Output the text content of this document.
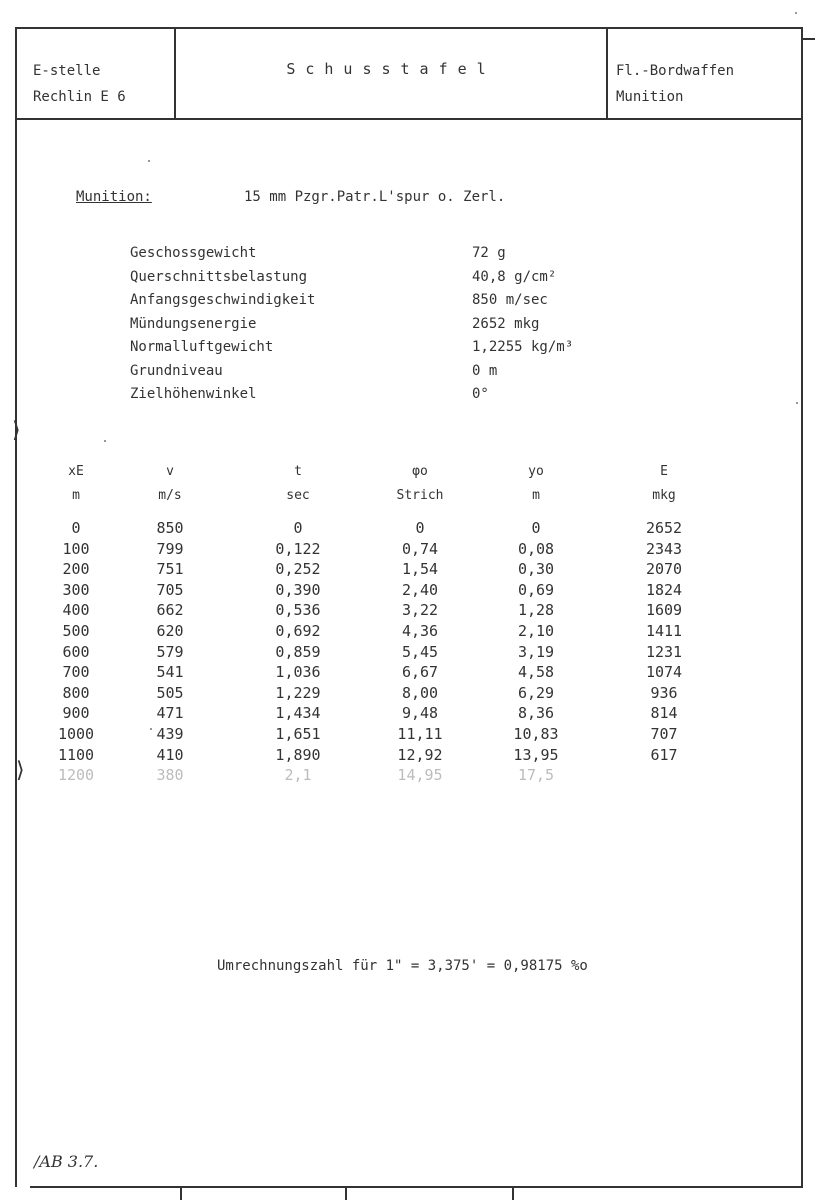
E-stelle
Rechlin E 6
Schusstafel	Fl.-Bordwaffen
Munition
⟩
⟩
Munition:	15 mm Pzgr.Patr.L'spur o. Zerl.
Geschossgewicht	72 g
Querschnittsbelastung	40,8 g/cm²
Anfangsgeschwindigkeit	850 m/sec
Mündungsenergie	2652 mkg
Normalluftgewicht	1,2255 kg/m³
Grundniveau	0 m
Zielhöhenwinkel	0°
xE	v	t	φo	yo	E
m	m/s	sec	Strich	m	mkg
0	850	0	0	0	2652
100	799	0,122	0,74	0,08	2343
200	751	0,252	1,54	0,30	2070
300	705	0,390	2,40	0,69	1824
400	662	0,536	3,22	1,28	1609
500	620	0,692	4,36	2,10	1411
600	579	0,859	5,45	3,19	1231
700	541	1,036	6,67	4,58	1074
800	505	1,229	8,00	6,29	936
900	471	1,434	9,48	8,36	814
1000	439	1,651	11,11	10,83	707
1100	410	1,890	12,92	13,95	617
1200	380	2,1	14,95	17,5
Umrechnungszahl für 1" = 3,375' = 0,98175 %o
/AB 3.7.
